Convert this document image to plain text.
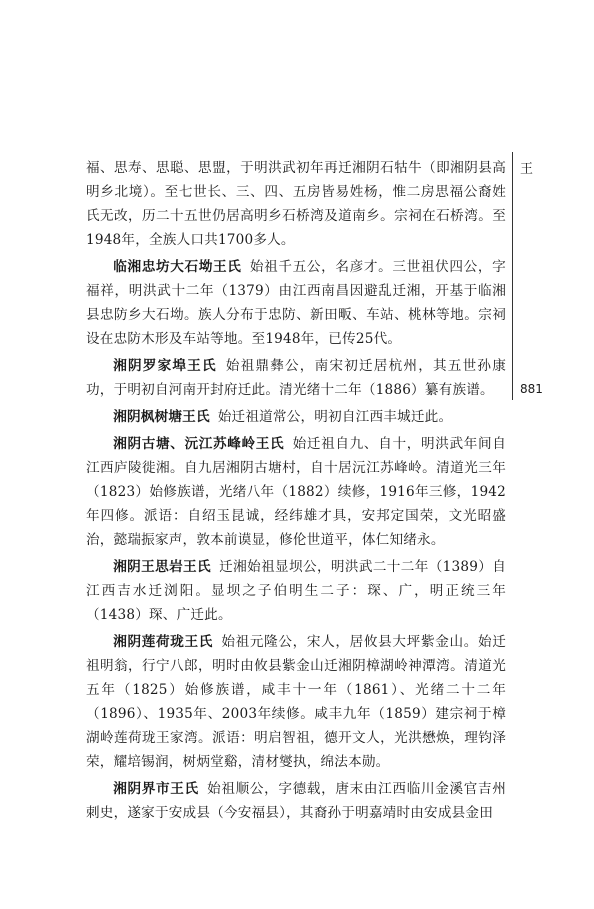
王
881

福、思寿、思聪、思盟，于明洪武初年再迁湘阴石牯牛（即湘阴县高明乡北境）。至七世长、三、四、五房皆易姓杨，惟二房思福公裔姓氏无改，历二十五世仍居高明乡石桥湾及道南乡。宗祠在石桥湾。至1948年，全族人口共1700多人。

临湘忠坊大石坳王氏 始祖千五公，名彦才。三世祖伏四公，字福祥，明洪武十二年（1379）由江西南昌因避乱迁湘，开基于临湘县忠防乡大石坳。族人分布于忠防、新田畈、车站、桃林等地。宗祠设在忠防木形及车站等地。至1948年，已传25代。

湘阴罗家埠王氏 始祖鼎彝公，南宋初迁居杭州，其五世孙康功，于明初自河南开封府迁此。清光绪十二年（1886）纂有族谱。

湘阴枫树塘王氏 始迁祖道常公，明初自江西丰城迁此。

湘阴古塘、沅江苏峰岭王氏 始迁祖自九、自十，明洪武年间自江西庐陵徙湘。自九居湘阴古塘村，自十居沅江苏峰岭。清道光三年（1823）始修族谱，光绪八年（1882）续修，1916年三修，1942年四修。派语：自绍玉昆诚，经纬雄才具，安邦定国荣，文光昭盛治，懿瑞振家声，敦本前谟显，修伦世道平，体仁知绪永。

湘阴王思岩王氏 迁湘始祖显坝公，明洪武二十二年（1389）自江西吉水迁浏阳。显坝之子伯明生二子：琛、广，明正统三年（1438）琛、广迁此。

湘阴莲荷珑王氏 始祖元隆公，宋人，居攸县大坪紫金山。始迁祖明翁，行宁八郎，明时由攸县紫金山迁湘阴樟湖岭神潭湾。清道光五年（1825）始修族谱，咸丰十一年（1861）、光绪二十二年（1896）、1935年、2003年续修。咸丰九年（1859）建宗祠于樟湖岭莲荷珑王家湾。派语：明启智祖，德开文人，光洪懋焕，理钧泽荣，耀培锡润，树炳堂谿，清材燮执，绵法本勋。

湘阴界市王氏 始祖顺公，字德载，唐末由江西临川金溪官吉州刺史，遂家于安成县（今安福县），其裔孙于明嘉靖时由安成县金田
